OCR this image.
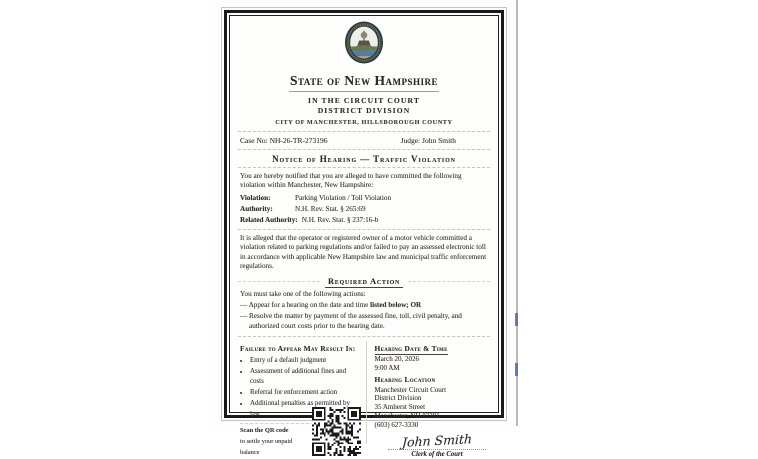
State of New Hampshire
IN THE CIRCUIT COURT
DISTRICT DIVISION
CITY OF MANCHESTER, HILLSBOROUGH COUNTY
Case No: NH-26-TR-273196	Judge: John Smith
Notice of Hearing — Traffic Violation

You are hereby notified that you are alleged to have committed the following violation within Manchester, New Hampshire:

Violation:	Parking Violation / Toll Violation
Authority:	N.H. Rev. Stat. § 265:69
Related Authority: N.H. Rev. Stat. § 237:16-b

It is alleged that the operator or registered owner of a motor vehicle committed a violation related to parking regulations and/or failed to pay an assessed electronic toll in accordance with applicable New Hampshire law and municipal traffic enforcement regulations.

Required Action

You must take one of the following actions:

— Appear for a hearing on the date and time listed below; OR
— Resolve the matter by payment of the assessed fine, toll, civil penalty, and authorized court costs prior to the hearing date.
Failure to Appear May Result In:
• Entry of a default judgment
• Assessment of additional fines and costs
• Referral for enforcement action
• Additional penalties as permitted by law
Scan the QR code
to settle your unpaid balance
Hearing Date & Time
March 20, 2026
9:00 AM
Hearing Location
Manchester Circuit Court
District Division
35 Amherst Street
Manchester, NH 03301
(603) 627-3330
John Smith
Clerk of the Court
